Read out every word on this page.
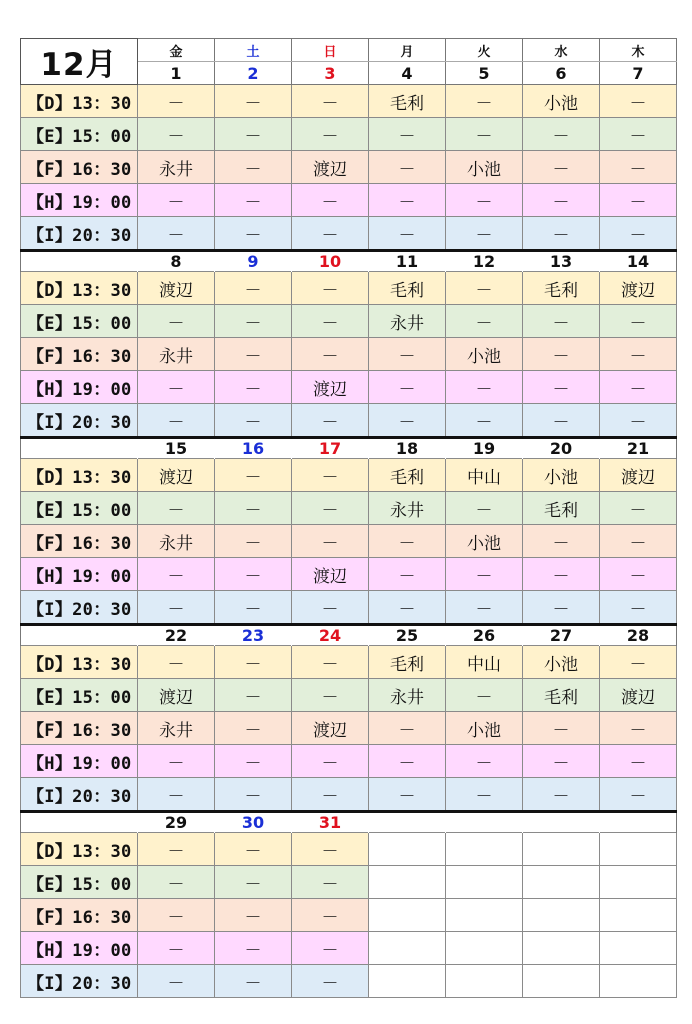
12月	金	土	日	月	火	水	木
	1	2	3	4	5	6	7
【D】13：30	－	－	－	毛利	－	小池	－
【E】15：00	－	－	－	－	－	－	－
【F】16：30	永井	－	渡辺	－	小池	－	－
【H】19：00	－	－	－	－	－	－	－
【I】20：30	－	－	－	－	－	－	－
	8	9	10	11	12	13	14
【D】13：30	渡辺	－	－	毛利	－	毛利	渡辺
【E】15：00	－	－	－	永井	－	－	－
【F】16：30	永井	－	－	－	小池	－	－
【H】19：00	－	－	渡辺	－	－	－	－
【I】20：30	－	－	－	－	－	－	－
	15	16	17	18	19	20	21
【D】13：30	渡辺	－	－	毛利	中山	小池	渡辺
【E】15：00	－	－	－	永井	－	毛利	－
【F】16：30	永井	－	－	－	小池	－	－
【H】19：00	－	－	渡辺	－	－	－	－
【I】20：30	－	－	－	－	－	－	－
	22	23	24	25	26	27	28
【D】13：30	－	－	－	毛利	中山	小池	－
【E】15：00	渡辺	－	－	永井	－	毛利	渡辺
【F】16：30	永井	－	渡辺	－	小池	－	－
【H】19：00	－	－	－	－	－	－	－
【I】20：30	－	－	－	－	－	－	－
	29	30	31				
【D】13：30	－	－	－				
【E】15：00	－	－	－				
【F】16：30	－	－	－				
【H】19：00	－	－	－				
【I】20：30	－	－	－				
